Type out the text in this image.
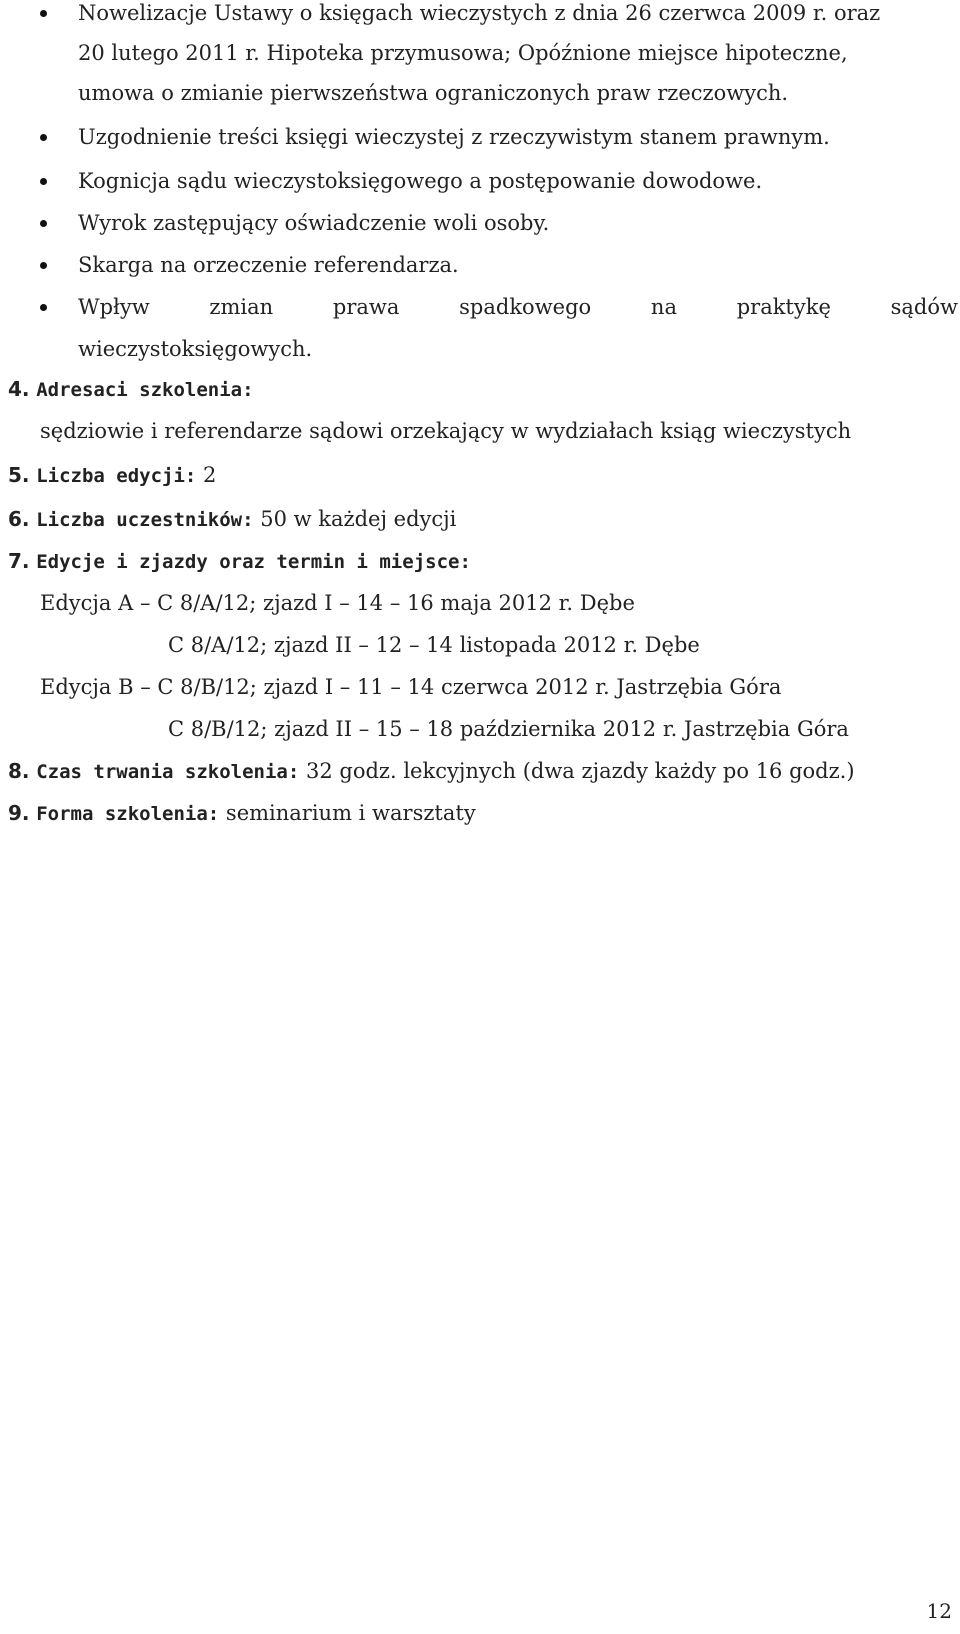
Nowelizacje Ustawy o księgach wieczystych z dnia 26 czerwca 2009 r. oraz
20 lutego 2011 r. Hipoteka przymusowa; Opóźnione miejsce hipoteczne,
umowa o zmianie pierwszeństwa ograniczonych praw rzeczowych.
Uzgodnienie treści księgi wieczystej z rzeczywistym stanem prawnym.
Kognicja sądu wieczystoksięgowego a postępowanie dowodowe.
Wyrok zastępujący oświadczenie woli osoby.
Skarga na orzeczenie referendarza.
Wpływ zmian prawa spadkowego na praktykę sądów
wieczystoksięgowych.
4. Adresaci szkolenia:
sędziowie i referendarze sądowi orzekający w wydziałach ksiąg wieczystych
5. Liczba edycji: 2
6. Liczba uczestników: 50 w każdej edycji
7. Edycje i zjazdy oraz termin i miejsce:
Edycja A – C 8/A/12; zjazd I – 14 – 16 maja 2012 r. Dębe
C 8/A/12; zjazd II – 12 – 14 listopada 2012 r. Dębe
Edycja B – C 8/B/12; zjazd I – 11 – 14 czerwca 2012 r. Jastrzębia Góra
C 8/B/12; zjazd II – 15 – 18 października 2012 r. Jastrzębia Góra
8. Czas trwania szkolenia: 32 godz. lekcyjnych (dwa zjazdy każdy po 16 godz.)
9. Forma szkolenia: seminarium i warsztaty
12
